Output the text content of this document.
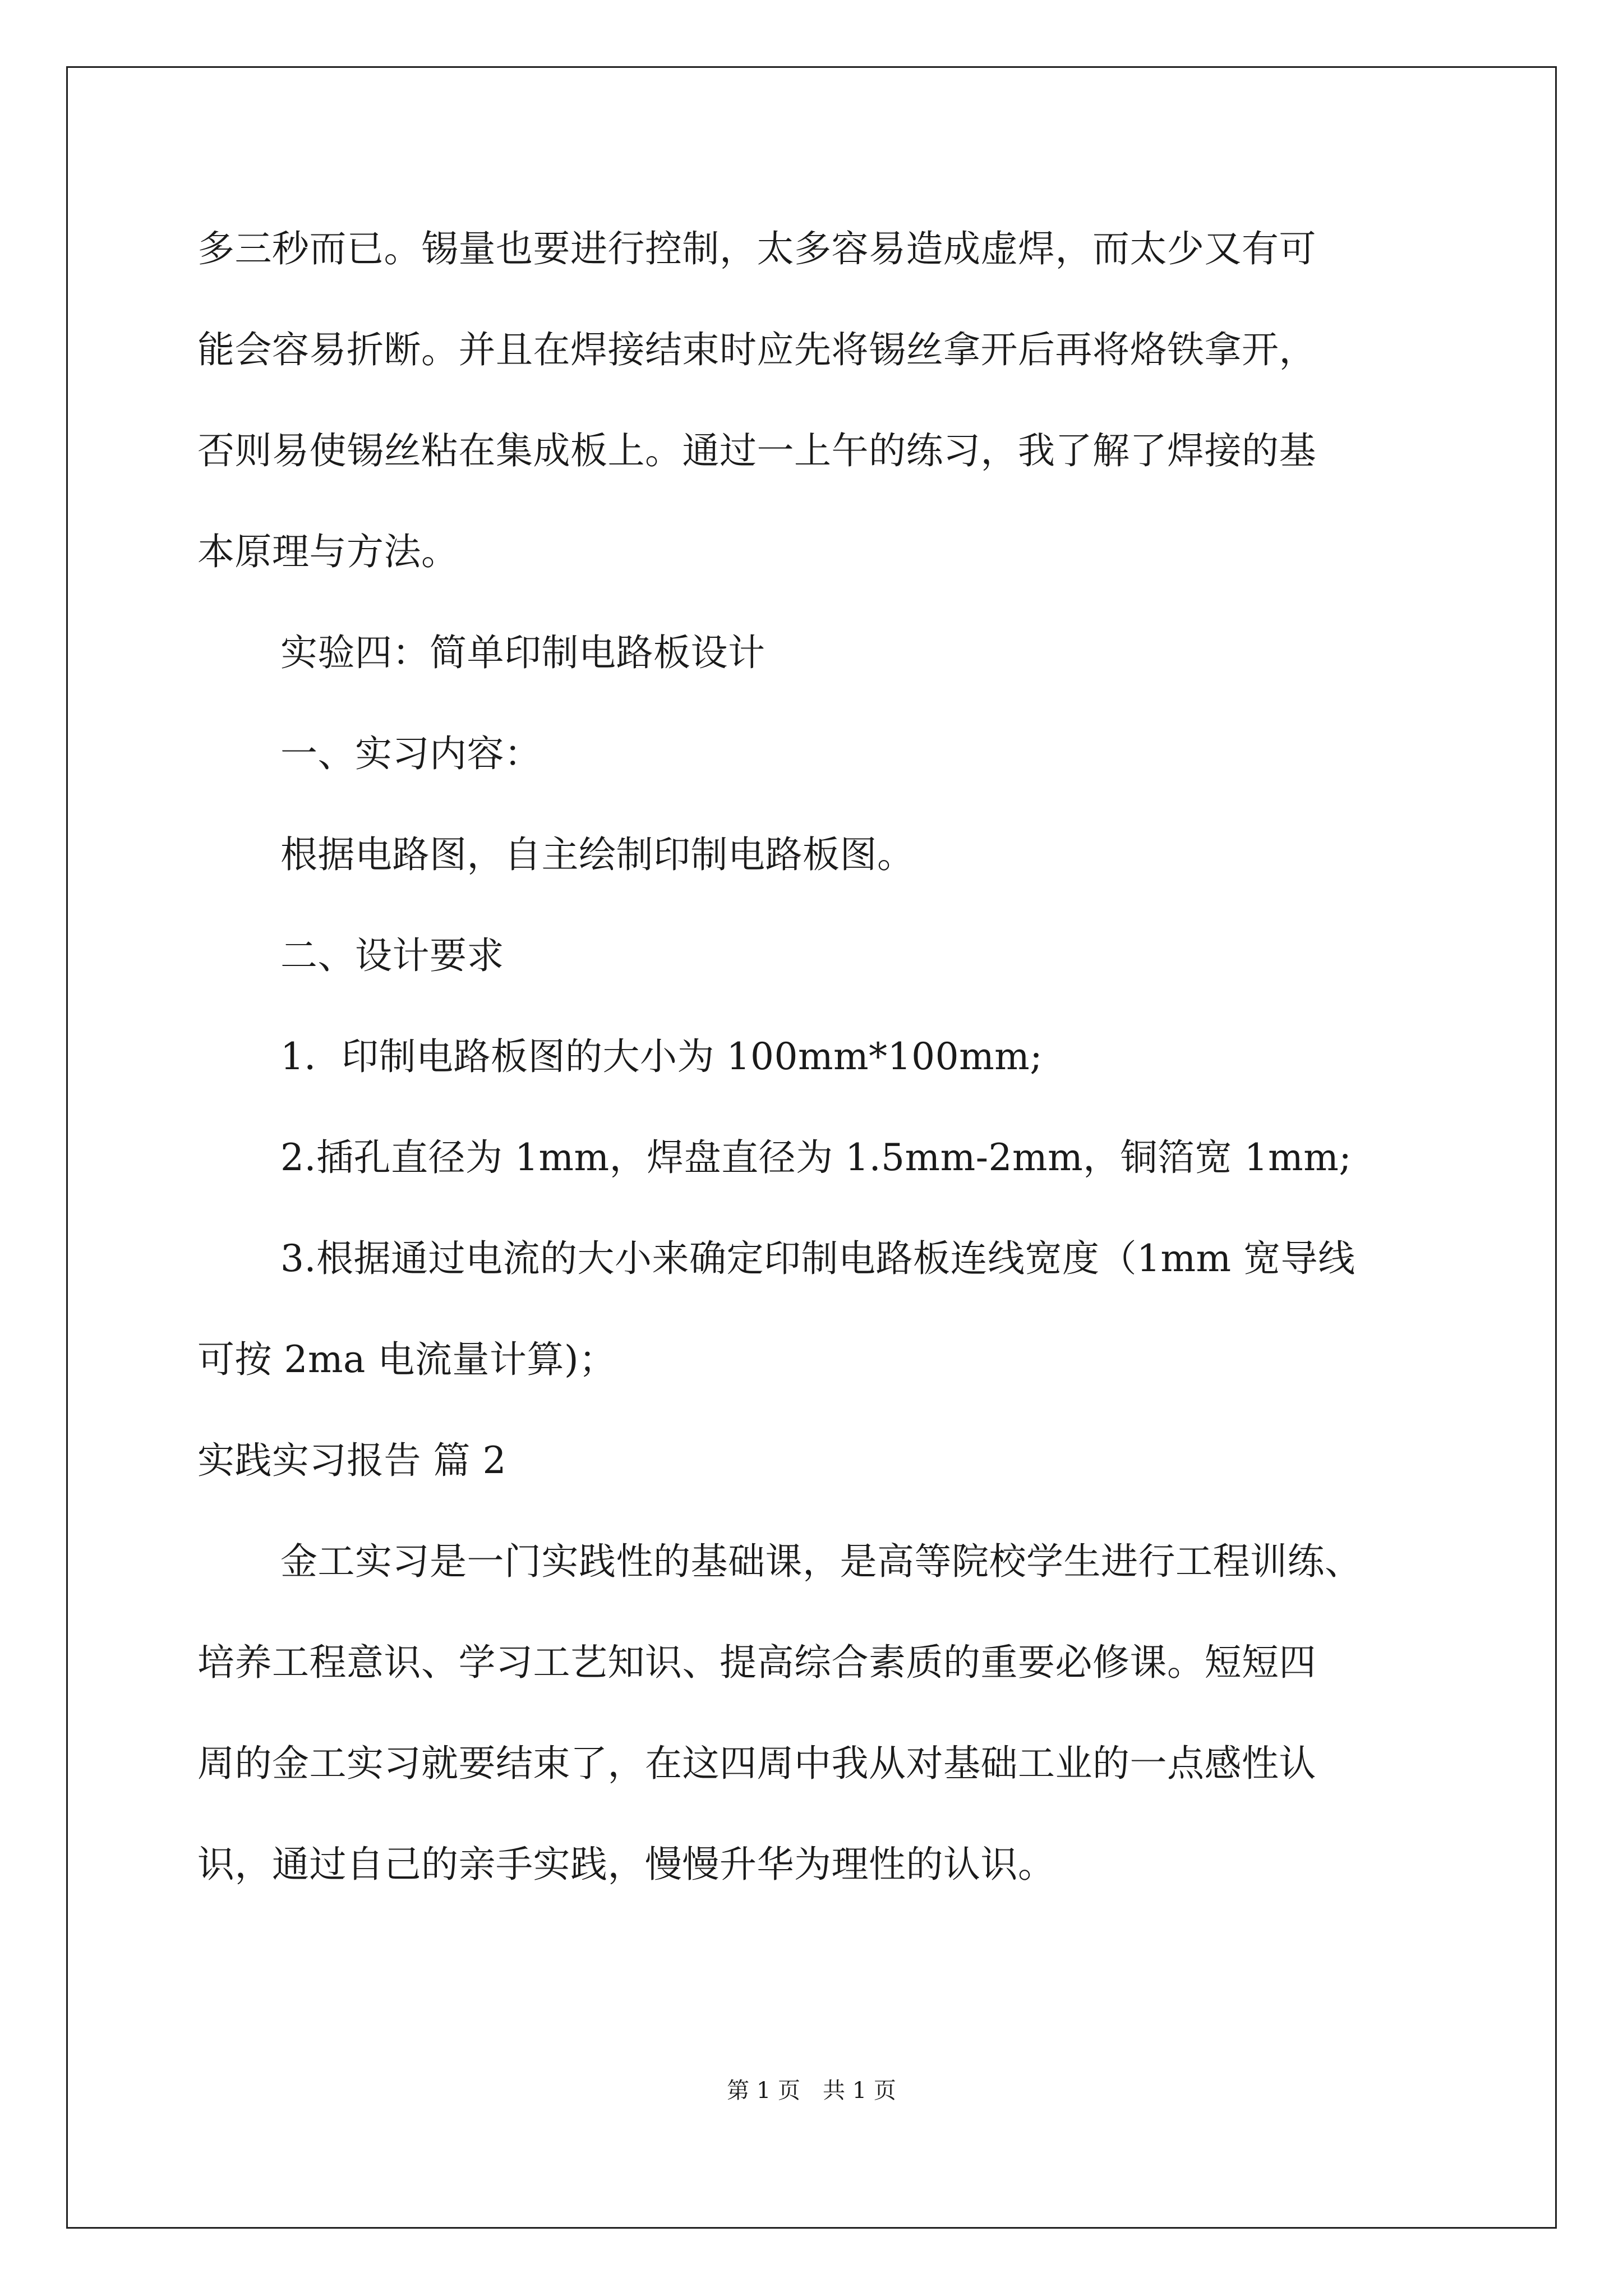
多三秒而已。锡量也要进行控制，太多容易造成虚焊，而太少又有可
能会容易折断。并且在焊接结束时应先将锡丝拿开后再将烙铁拿开，
否则易使锡丝粘在集成板上。通过一上午的练习，我了解了焊接的基
本原理与方法。
实验四：简单印制电路板设计
一、实习内容：
根据电路图，自主绘制印制电路板图。
二、设计要求
1．印制电路板图的大小为 100mm*100mm;
2.插孔直径为 1mm，焊盘直径为 1.5mm-2mm，铜箔宽 1mm;
3.根据通过电流的大小来确定印制电路板连线宽度（1mm 宽导线
可按 2ma 电流量计算)；
实践实习报告 篇 2
金工实习是一门实践性的基础课，是高等院校学生进行工程训练、
培养工程意识、学习工艺知识、提高综合素质的重要必修课。短短四
周的金工实习就要结束了，在这四周中我从对基础工业的一点感性认
识，通过自己的亲手实践，慢慢升华为理性的认识。
第 1 页　共 1 页
